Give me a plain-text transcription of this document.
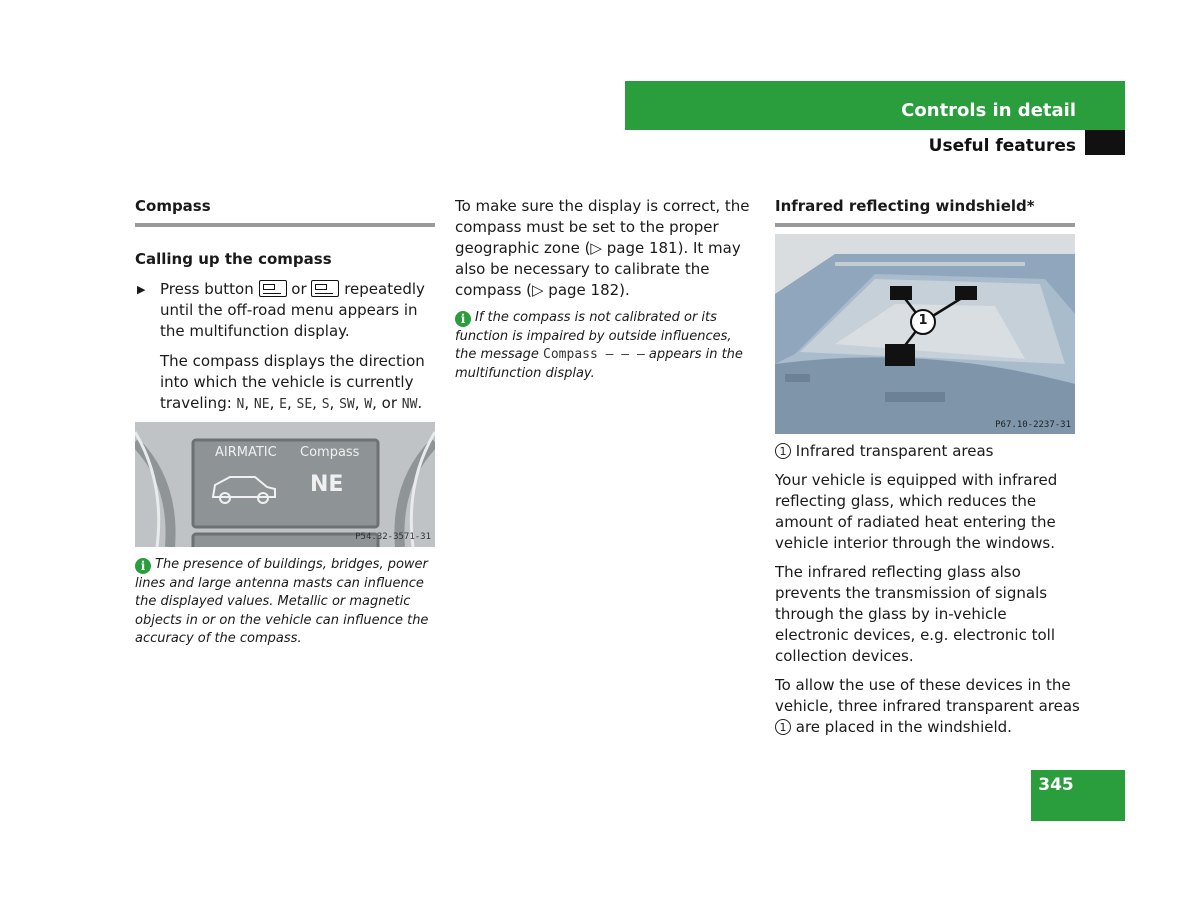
Controls in detail
Useful features
Compass
Calling up the compass
▶ Press button	or	repeatedly until the off-road menu appears in the multifunction display.

The compass displays the direction into which the vehicle is currently traveling: N, NE, E, SE, S, SW, W, or NW.

AIRMATIC Compass
NE
P54.32-3571-31

i The presence of buildings, bridges, power lines and large antenna masts can influence the displayed values. Metallic or magnetic objects in or on the vehicle can influence the accuracy of the compass.

To make sure the display is correct, the compass must be set to the proper geographic zone (▷ page 181). It may also be necessary to calibrate the compass (▷ page 182).

i If the compass is not calibrated or its function is impaired by outside influences, the message Compass – – – appears in the multifunction display.

Infrared reflecting windshield*
1
P67.10-2237-31

1 Infrared transparent areas

Your vehicle is equipped with infrared reflecting glass, which reduces the amount of radiated heat entering the vehicle interior through the windows.

The infrared reflecting glass also prevents the transmission of signals through the glass by in-vehicle electronic devices, e.g. electronic toll collection devices.

To allow the use of these devices in the vehicle, three infrared transparent areas 1 are placed in the windshield.

345
